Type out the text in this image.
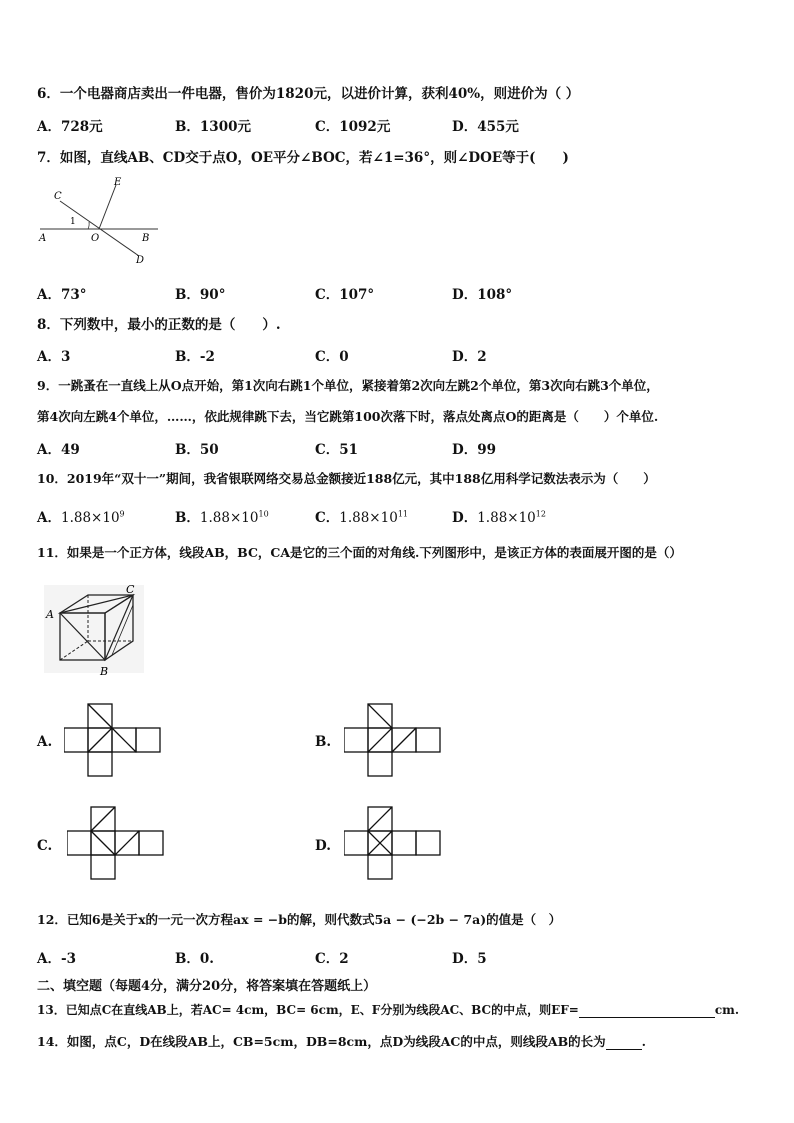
6．一个电器商店卖出一件电器，售价为1820元，以进价计算，获利40%，则进价为（ ）
A．728元	B．1300元	C．1092元	D．455元
7．如图，直线AB、CD交于点O，OE平分∠BOC，若∠1=36°，则∠DOE等于(　　)
A	B
C
D
E
O
1
A．73°	B．90°	C．107°	D．108°
8．下列数中，最小的正数的是（　　）.
A．3	B．-2	C．0	D．2
9．一跳蚤在一直线上从O点开始，第1次向右跳1个单位，紧接着第2次向左跳2个单位，第3次向右跳3个单位，
第4次向左跳4个单位，……，依此规律跳下去，当它跳第100次落下时，落点处离点O的距离是（　　）个单位.
A．49	B．50	C．51	D．99
10．2019年“双十一”期间，我省银联网络交易总金额接近188亿元，其中188亿用科学记数法表示为（　　）
A．$1.88\times 10^9$	B．$1.88\times 10^{10}$	C．$1.88\times 10^{11}$	D．$1.88\times 10^{12}$
11．如果是一个正方体，线段AB，BC，CA是它的三个面的对角线.下列图形中，是该正方体的表面展开图的是（）
A
B
C
A.	B.
C.	D.
12．已知6是关于x的一元一次方程ax = −b的解，则代数式5a − (−2b − 7a)的值是（　）
A．-3	B．0.	C．2	D．5
二、填空题（每题4分，满分20分，将答案填在答题纸上）
13．已知点C在直线AB上，若AC= 4cm，BC= 6cm，E、F分别为线段AC、BC的中点，则EF=	cm.
14．如图，点C，D在线段AB上，CB=5cm，DB=8cm，点D为线段AC的中点，则线段AB的长为	.
